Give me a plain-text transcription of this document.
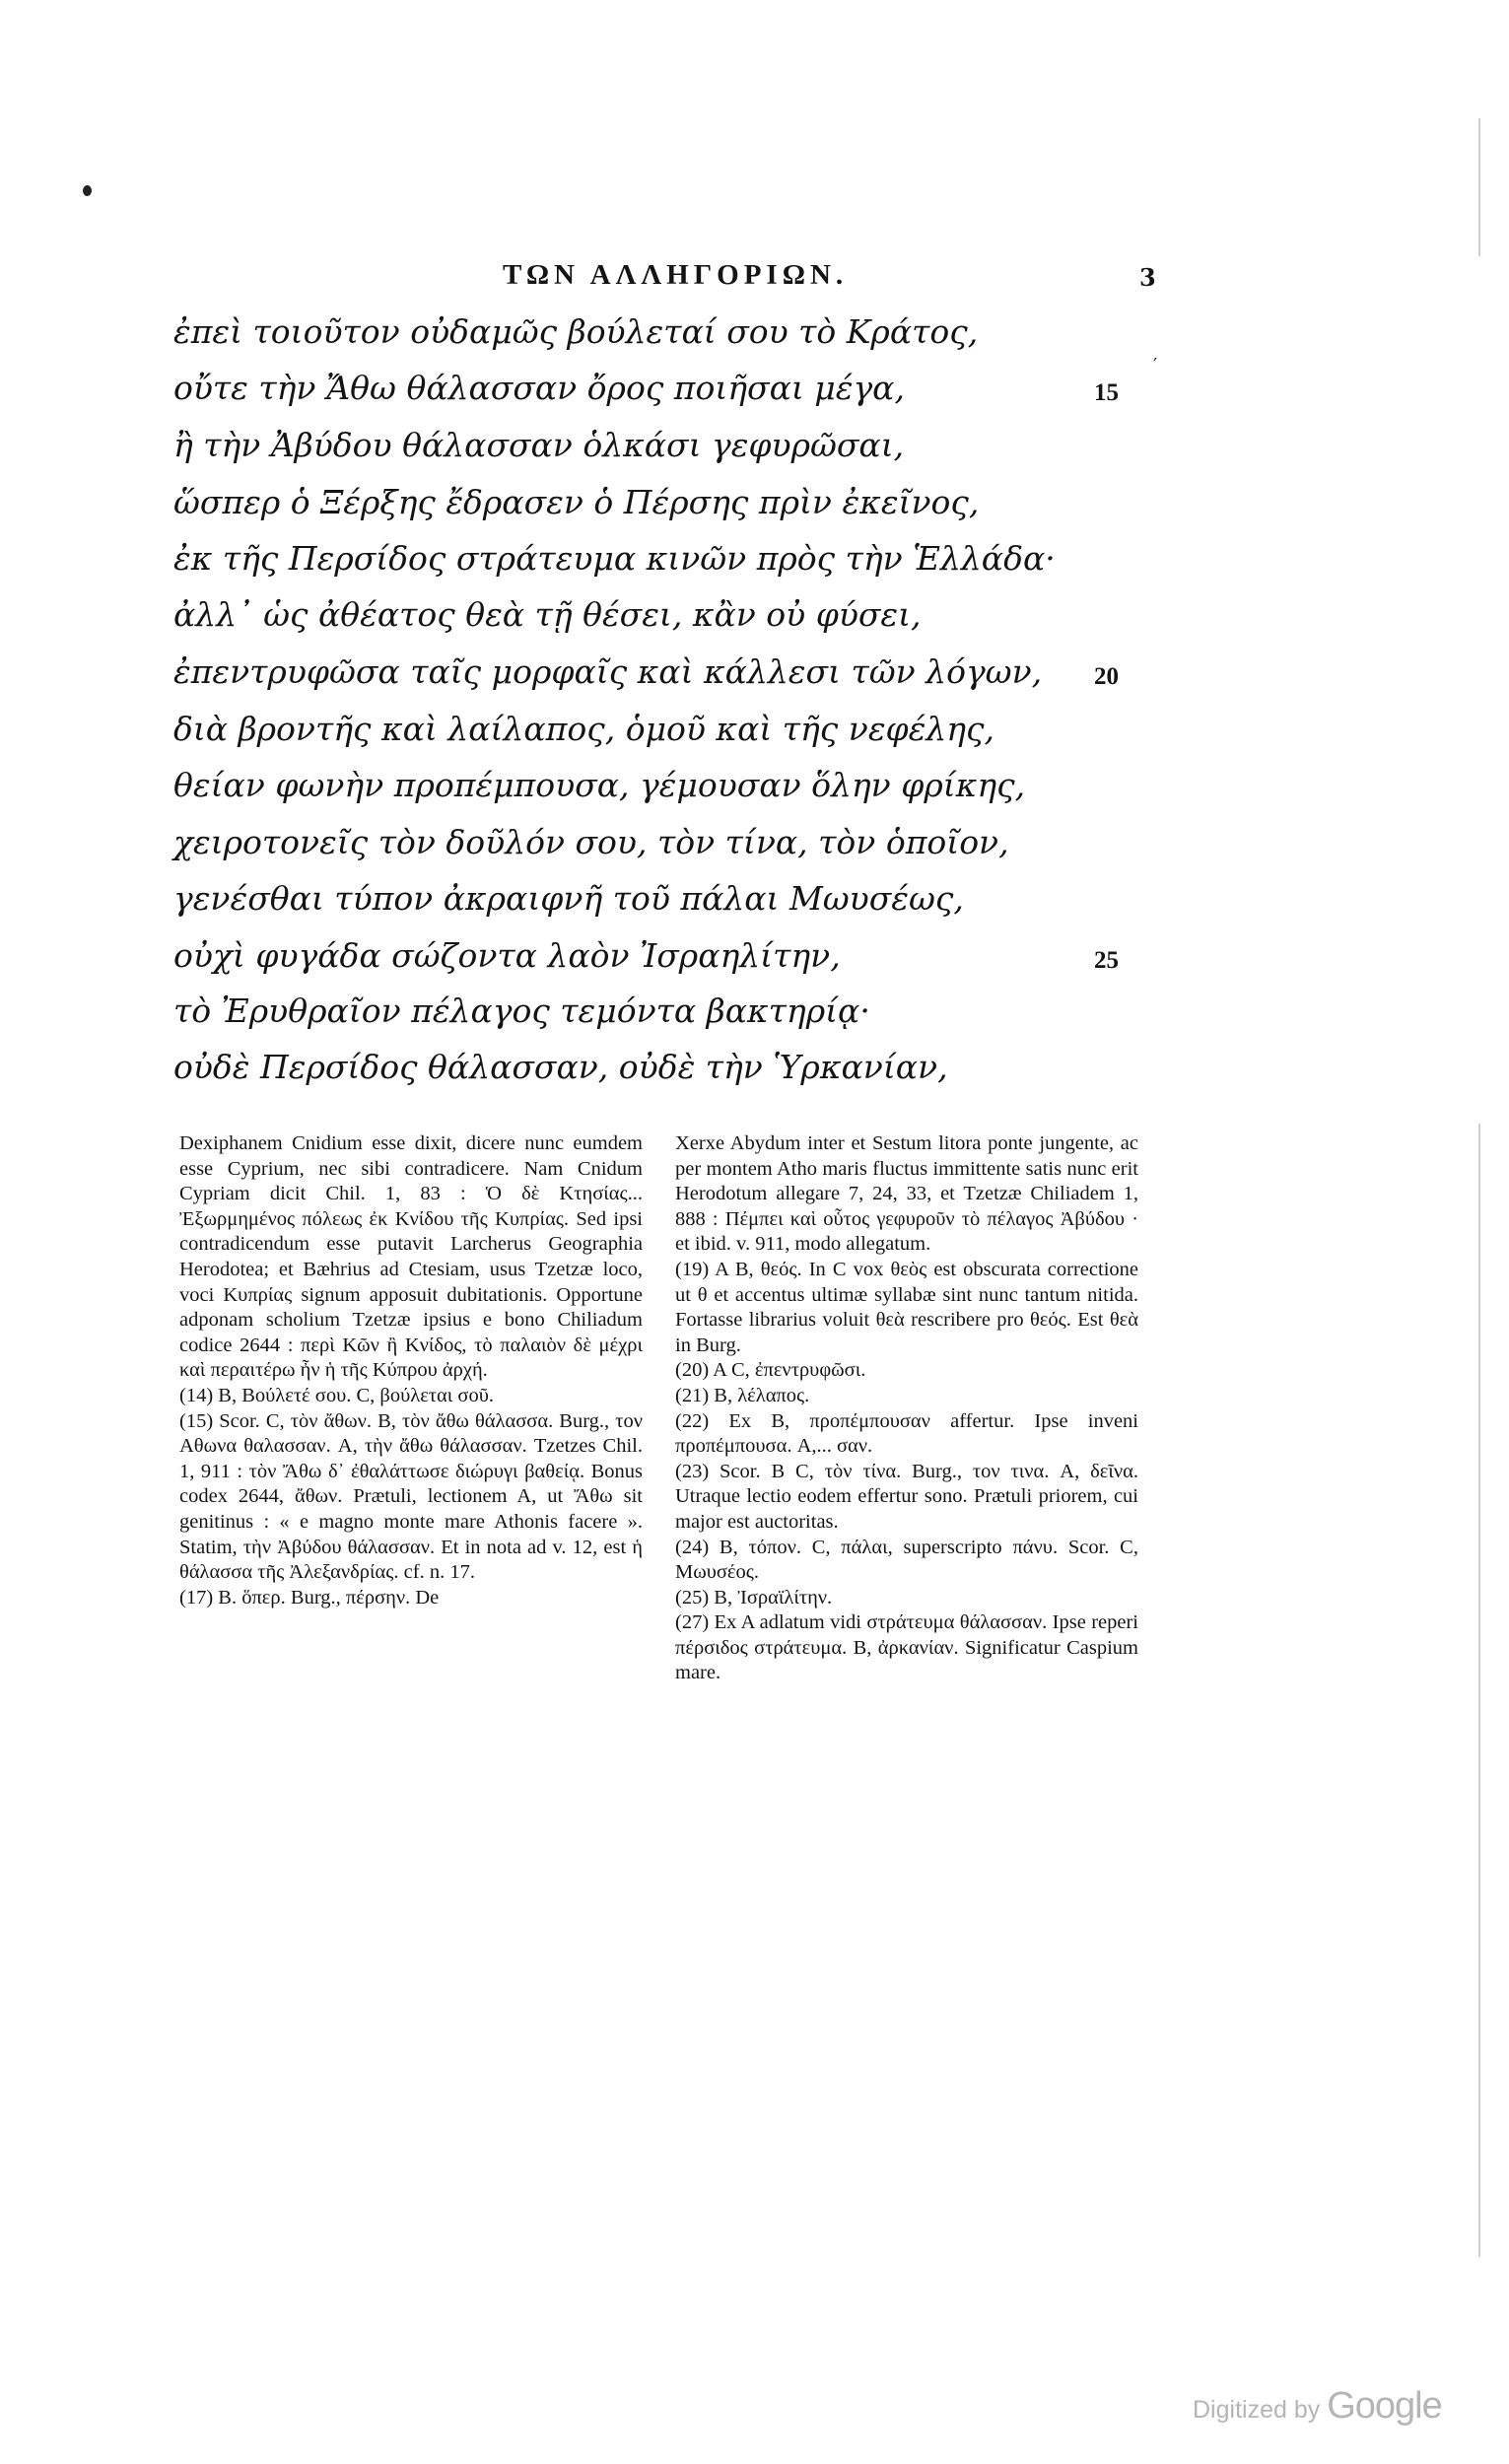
ΤΩΝ ΑΛΛΗΓΟΡΙΩΝ.	3
ἐπεὶ τοιοῦτον οὐδαμῶς βούλεταί σου τὸ Κράτος,
οὔτε τὴν Ἄθω θάλασσαν ὄρος ποιῆσαι μέγα,
ἢ τὴν Ἀβύδου θάλασσαν ὁλκάσι γεφυρῶσαι,
ὥσπερ ὁ Ξέρξης ἔδρασεν ὁ Πέρσης πρὶν ἐκεῖνος,
ἐκ τῆς Περσίδος στράτευμα κινῶν πρὸς τὴν Ἑλλάδα·
ἀλλ᾽ ὡς ἀθέατος θεὰ τῇ θέσει, κἂν οὐ φύσει,
ἐπεντρυφῶσα ταῖς μορφαῖς καὶ κάλλεσι τῶν λόγων,
διὰ βροντῆς καὶ λαίλαπος, ὁμοῦ καὶ τῆς νεφέλης,
θείαν φωνὴν προπέμπουσα, γέμουσαν ὅλην φρίκης,
χειροτονεῖς τὸν δοῦλόν σου, τὸν τίνα, τὸν ὁποῖον,
γενέσθαι τύπον ἀκραιφνῆ τοῦ πάλαι Μωυσέως,
οὐχὶ φυγάδα σώζοντα λαὸν Ἰσραηλίτην,
τὸ Ἐρυθραῖον πέλαγος τεμόντα βακτηρίᾳ·
οὐδὲ Περσίδος θάλασσαν, οὐδὲ τὴν Ὑρκανίαν,
′
15
20
25

Dexiphanem Cnidium esse dixit, dicere nunc eumdem esse Cyprium, nec sibi contradicere. Nam Cnidum Cypriam dicit Chil. 1, 83 : Ὁ δὲ Κτησίας... Ἐξωρμημένος πόλεως ἐκ Κνίδου τῆς Κυπρίας. Sed ipsi contradicendum esse putavit Larcherus Geographia Herodotea; et Bæhrius ad Ctesiam, usus Tzetzæ loco, voci Κυπρίας signum apposuit dubitationis. Opportune adponam scholium Tzetzæ ipsius e bono Chiliadum codice 2644 : περὶ Κῶν ἢ Κνίδος, τὸ παλαιὸν δὲ μέχρι καὶ περαιτέρω ἦν ἡ τῆς Κύπρου ἀρχή.

(14) B, Βούλετέ σου. C, βούλεται σοῦ.

(15) Scor. C, τὸν ἄθων. B, τὸν ἄθω θάλασσα. Burg., τον Αθωνα θαλασσαν. A, τὴν ἄθω θάλασσαν. Tzetzes Chil. 1, 911 : τὸν Ἄθω δ᾽ ἐθαλάττωσε διώρυγι βαθείᾳ. Bonus codex 2644, ἄθων. Prætuli, lectionem A, ut Ἄθω sit genitinus : « e magno monte mare Athonis facere ». Statim, τὴν Ἀβύδου θάλασσαν. Et in nota ad v. 12, est ἡ θάλασσα τῆς Ἀλεξανδρίας. cf. n. 17.

(17) B. ὅπερ. Burg., πέρσην. De

Xerxe Abydum inter et Sestum litora ponte jungente, ac per montem Atho maris fluctus immittente satis nunc erit Herodotum allegare 7, 24, 33, et Tzetzæ Chiliadem 1, 888 : Πέμπει καὶ οὗτος γεφυροῦν τὸ πέλαγος Ἀβύδου · et ibid. v. 911, modo allegatum.

(19) A B, θεός. In C vox θεὸς est obscurata correctione ut θ et accentus ultimæ syllabæ sint nunc tantum nitida. Fortasse librarius voluit θεὰ rescribere pro θεός. Est θεὰ in Burg.

(20) A C, ἐπεντρυφῶσι.

(21) B, λέλαπος.

(22) Ex B, προπέμπουσαν affertur. Ipse inveni προπέμπουσα. A,... σαν.

(23) Scor. B C, τὸν τίνα. Burg., τον τινα. A, δεῖνα. Utraque lectio eodem effertur sono. Prætuli priorem, cui major est auctoritas.

(24) B, τόπον. C, πάλαι, superscripto πάνυ. Scor. C, Μωυσέος.

(25) B, Ἰσραϊλίτην.

(27) Ex A adlatum vidi στράτευμα θάλασσαν. Ipse reperi πέρσιδος στράτευμα. B, ἀρκανίαν. Significatur Caspium mare.

Digitized by Google
